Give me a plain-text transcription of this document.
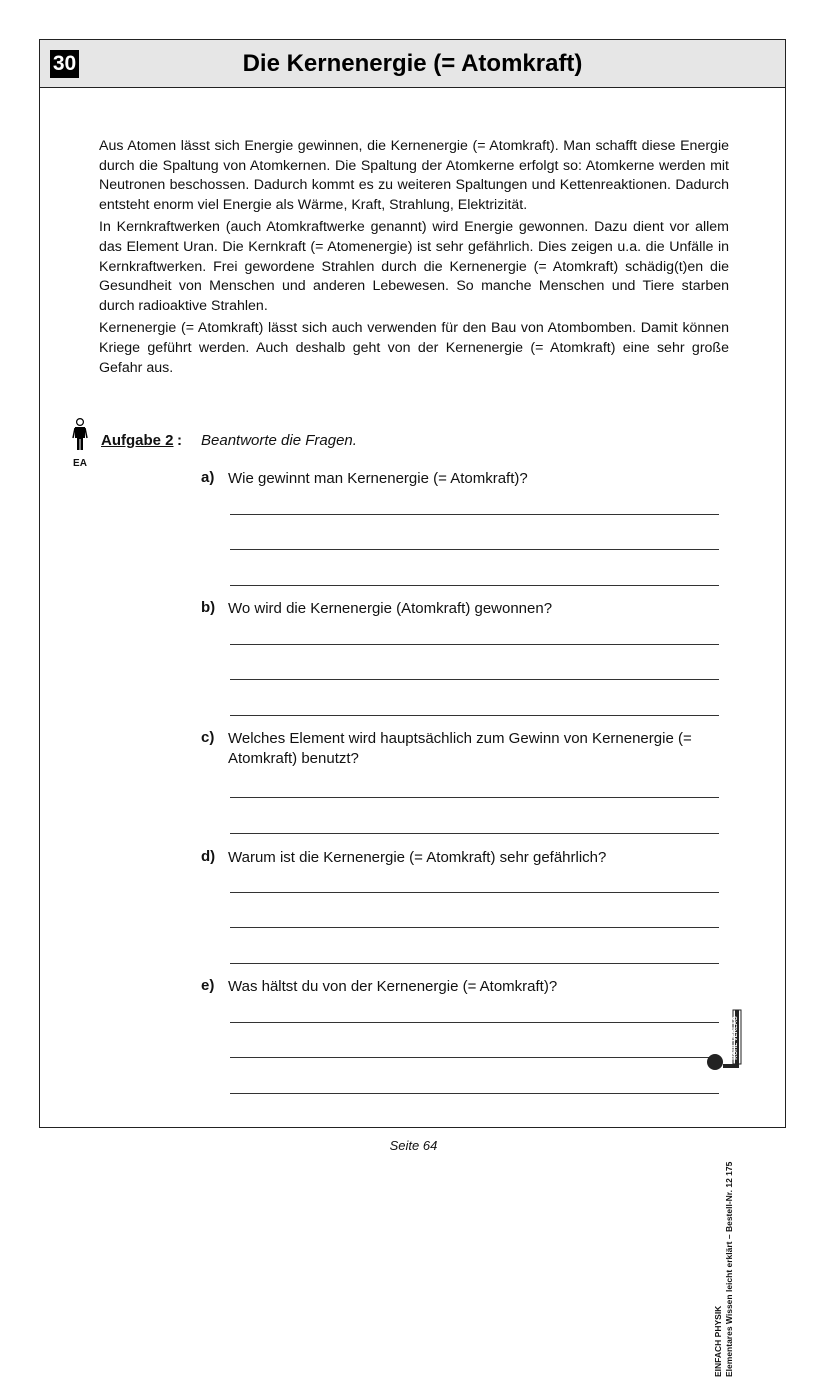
30	Die Kernenergie (= Atomkraft)

Aus Atomen lässt sich Energie gewinnen, die Kernenergie (= Atomkraft). Man schafft diese Energie durch die Spaltung von Atomkernen. Die Spaltung der Atomkerne erfolgt so: Atomkerne werden mit Neutronen beschossen. Dadurch kommt es zu weiteren Spaltungen und Kettenreaktionen. Dadurch entsteht enorm viel Energie als Wärme, Kraft, Strahlung, Elektrizität.

In Kernkraftwerken (auch Atomkraftwerke genannt) wird Energie gewonnen. Dazu dient vor allem das Element Uran. Die Kernkraft (= Atomenergie) ist sehr gefährlich. Dies zeigen u.a. die Unfälle in Kernkraftwerken. Frei gewordene Strahlen durch die Kernenergie (= Atomkraft) schädig(t)en die Gesundheit von Menschen und anderen Lebewesen. So manche Menschen und Tiere starben durch radioaktive Strahlen.

Kernenergie (= Atomkraft) lässt sich auch verwenden für den Bau von Atombomben. Damit können Kriege geführt werden. Auch deshalb geht von der Kernenergie (= Atomkraft) eine sehr große Gefahr aus.

EA
Aufgabe 2 : Beantworte die Fragen.
a) Wie gewinnt man Kernenergie (= Atomkraft)?
b) Wo wird die Kernenergie (Atomkraft) gewonnen?
c) Welches Element wird hauptsächlich zum Gewinn von Kernenergie (= Atomkraft) benutzt?
d) Warum ist die Kernenergie (= Atomkraft) sehr gefährlich?
e) Was hältst du von der Kernenergie (= Atomkraft)?
EINFACH PHYSIK Elementares Wissen leicht erklärt – Bestell-Nr. 12 175
KOHL VERLAG
Seite 64
